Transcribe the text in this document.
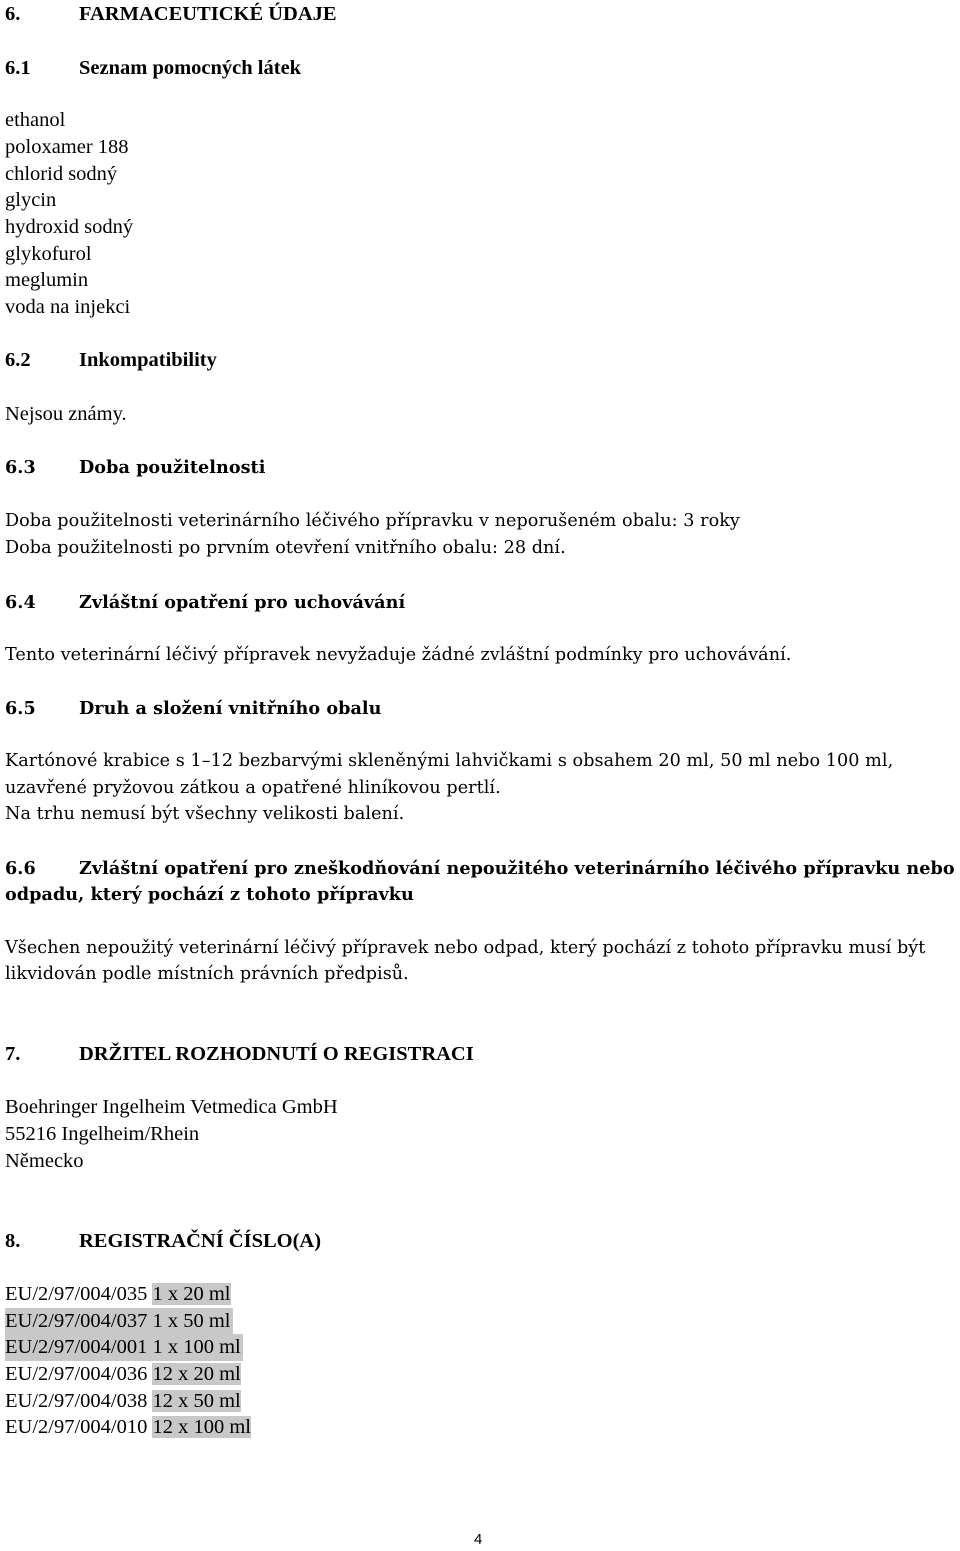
6.	FARMACEUTICKÉ ÚDAJE
6.1 Seznam pomocných látek
ethanol
poloxamer 188
chlorid sodný
glycin
hydroxid sodný
glykofurol
meglumin
voda na injekci
6.2 Inkompatibility
Nejsou známy.
6.3 Doba použitelnosti
Doba použitelnosti veterinárního léčivého přípravku v neporušeném obalu: 3 roky
Doba použitelnosti po prvním otevření vnitřního obalu: 28 dní.
6.4 Zvláštní opatření pro uchovávání
Tento veterinární léčivý přípravek nevyžaduje žádné zvláštní podmínky pro uchovávání.
6.5 Druh a složení vnitřního obalu
Kartónové krabice s 1–12 bezbarvými skleněnými lahvičkami s obsahem 20 ml, 50 ml nebo 100 ml,
uzavřené pryžovou zátkou a opatřené hliníkovou pertlí.
Na trhu nemusí být všechny velikosti balení.
6.6 Zvláštní opatření pro zneškodňování nepoužitého veterinárního léčivého přípravku nebo
odpadu, který pochází z tohoto přípravku
Všechen nepoužitý veterinární léčivý přípravek nebo odpad, který pochází z tohoto přípravku musí být
likvidován podle místních právních předpisů.
7.	DRŽITEL ROZHODNUTÍ O REGISTRACI
Boehringer Ingelheim Vetmedica GmbH
55216 Ingelheim/Rhein
Německo
8.	REGISTRAČNÍ ČÍSLO(A)
EU/2/97/004/035 1 x 20 ml
EU/2/97/004/037 1 x 50 ml
EU/2/97/004/001 1 x 100 ml
EU/2/97/004/036 12 x 20 ml
EU/2/97/004/038 12 x 50 ml
EU/2/97/004/010 12 x 100 ml
4
